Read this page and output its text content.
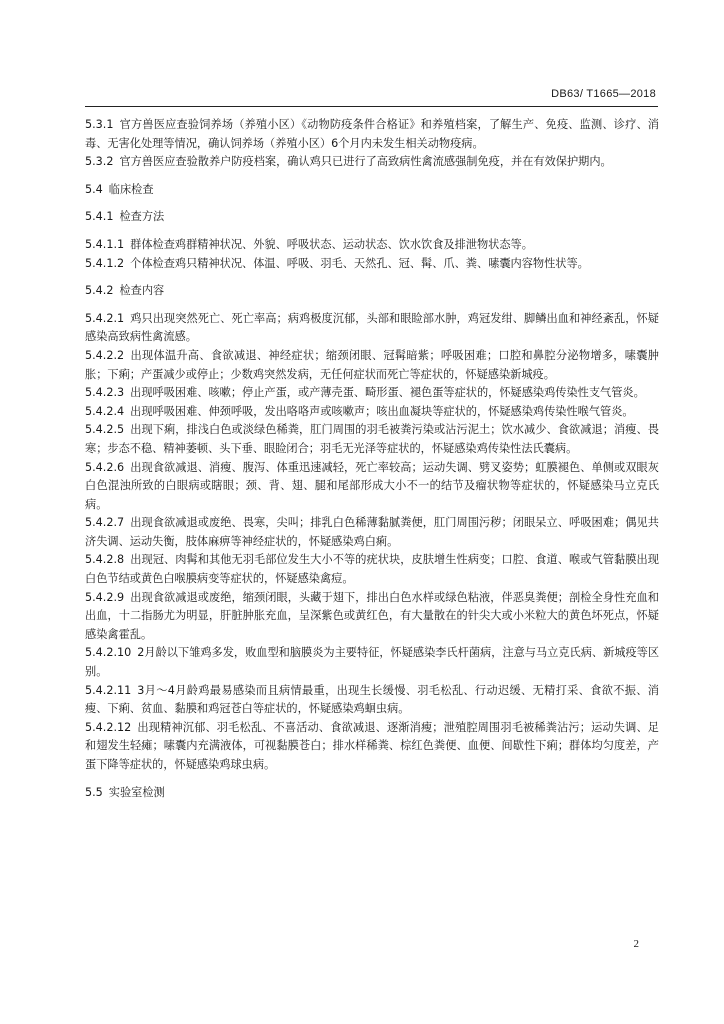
DB63/ T1665—2018

5.3.1 官方兽医应查验饲养场（养殖小区）《动物防疫条件合格证》和养殖档案，了解生产、免疫、监测、诊疗、消毒、无害化处理等情况，确认饲养场（养殖小区）6个月内未发生相关动物疫病。

5.3.2 官方兽医应查验散养户防疫档案，确认鸡只已进行了高致病性禽流感强制免疫，并在有效保护期内。

5.4 临床检查

5.4.1 检查方法

5.4.1.1 群体检查鸡群精神状况、外貌、呼吸状态、运动状态、饮水饮食及排泄物状态等。

5.4.1.2 个体检查鸡只精神状况、体温、呼吸、羽毛、天然孔、冠、髯、爪、粪、嗉囊内容物性状等。

5.4.2 检查内容

5.4.2.1 鸡只出现突然死亡、死亡率高；病鸡极度沉郁，头部和眼睑部水肿，鸡冠发绀、脚鳞出血和神经紊乱，怀疑感染高致病性禽流感。

5.4.2.2 出现体温升高、食欲减退、神经症状；缩颈闭眼、冠髯暗紫；呼吸困难；口腔和鼻腔分泌物增多，嗉囊肿胀；下痢；产蛋减少或停止；少数鸡突然发病，无任何症状而死亡等症状的，怀疑感染新城疫。

5.4.2.3 出现呼吸困难、咳嗽；停止产蛋，或产薄壳蛋、畸形蛋、褪色蛋等症状的，怀疑感染鸡传染性支气管炎。

5.4.2.4 出现呼吸困难、伸颈呼吸，发出咯咯声或咳嗽声；咳出血凝块等症状的，怀疑感染鸡传染性喉气管炎。

5.4.2.5 出现下痢，排浅白色或淡绿色稀粪，肛门周围的羽毛被粪污染或沾污泥土；饮水减少、食欲减退；消瘦、畏寒；步态不稳、精神萎顿、头下垂、眼睑闭合；羽毛无光泽等症状的，怀疑感染鸡传染性法氏囊病。

5.4.2.6 出现食欲减退、消瘦、腹泻、体重迅速减轻，死亡率较高；运动失调、劈叉姿势；虹膜褪色、单侧或双眼灰白色混浊所致的白眼病或瞎眼；颈、背、翅、腿和尾部形成大小不一的结节及瘤状物等症状的，怀疑感染马立克氏病。

5.4.2.7 出现食欲减退或废绝、畏寒，尖叫；排乳白色稀薄黏腻粪便，肛门周围污秽；闭眼呆立、呼吸困难；偶见共济失调、运动失衡，肢体麻痹等神经症状的，怀疑感染鸡白痢。

5.4.2.8 出现冠、肉髯和其他无羽毛部位发生大小不等的疣状块，皮肤增生性病变；口腔、食道、喉或气管黏膜出现白色节结或黄色白喉膜病变等症状的，怀疑感染禽痘。

5.4.2.9 出现食欲减退或废绝，缩颈闭眼，头藏于翅下，排出白色水样或绿色粘液，伴恶臭粪便；剖检全身性充血和出血，十二指肠尤为明显，肝脏肿胀充血，呈深紫色或黄红色，有大量散在的针尖大或小米粒大的黄色坏死点，怀疑感染禽霍乱。

5.4.2.10 2月龄以下雏鸡多发，败血型和脑膜炎为主要特征，怀疑感染李氏杆菌病，注意与马立克氏病、新城疫等区别。

5.4.2.11 3月～4月龄鸡最易感染而且病情最重，出现生长缓慢、羽毛松乱、行动迟缓、无精打采、食欲不振、消瘦、下痢、贫血、黏膜和鸡冠苍白等症状的，怀疑感染鸡蛔虫病。

5.4.2.12 出现精神沉郁、羽毛松乱、不喜活动、食欲减退、逐渐消瘦；泄殖腔周围羽毛被稀粪沾污；运动失调、足和翅发生轻瘫；嗉囊内充满液体，可视黏膜苍白；排水样稀粪、棕红色粪便、血便、间歇性下痢；群体均匀度差，产蛋下降等症状的，怀疑感染鸡球虫病。

5.5 实验室检测

2
